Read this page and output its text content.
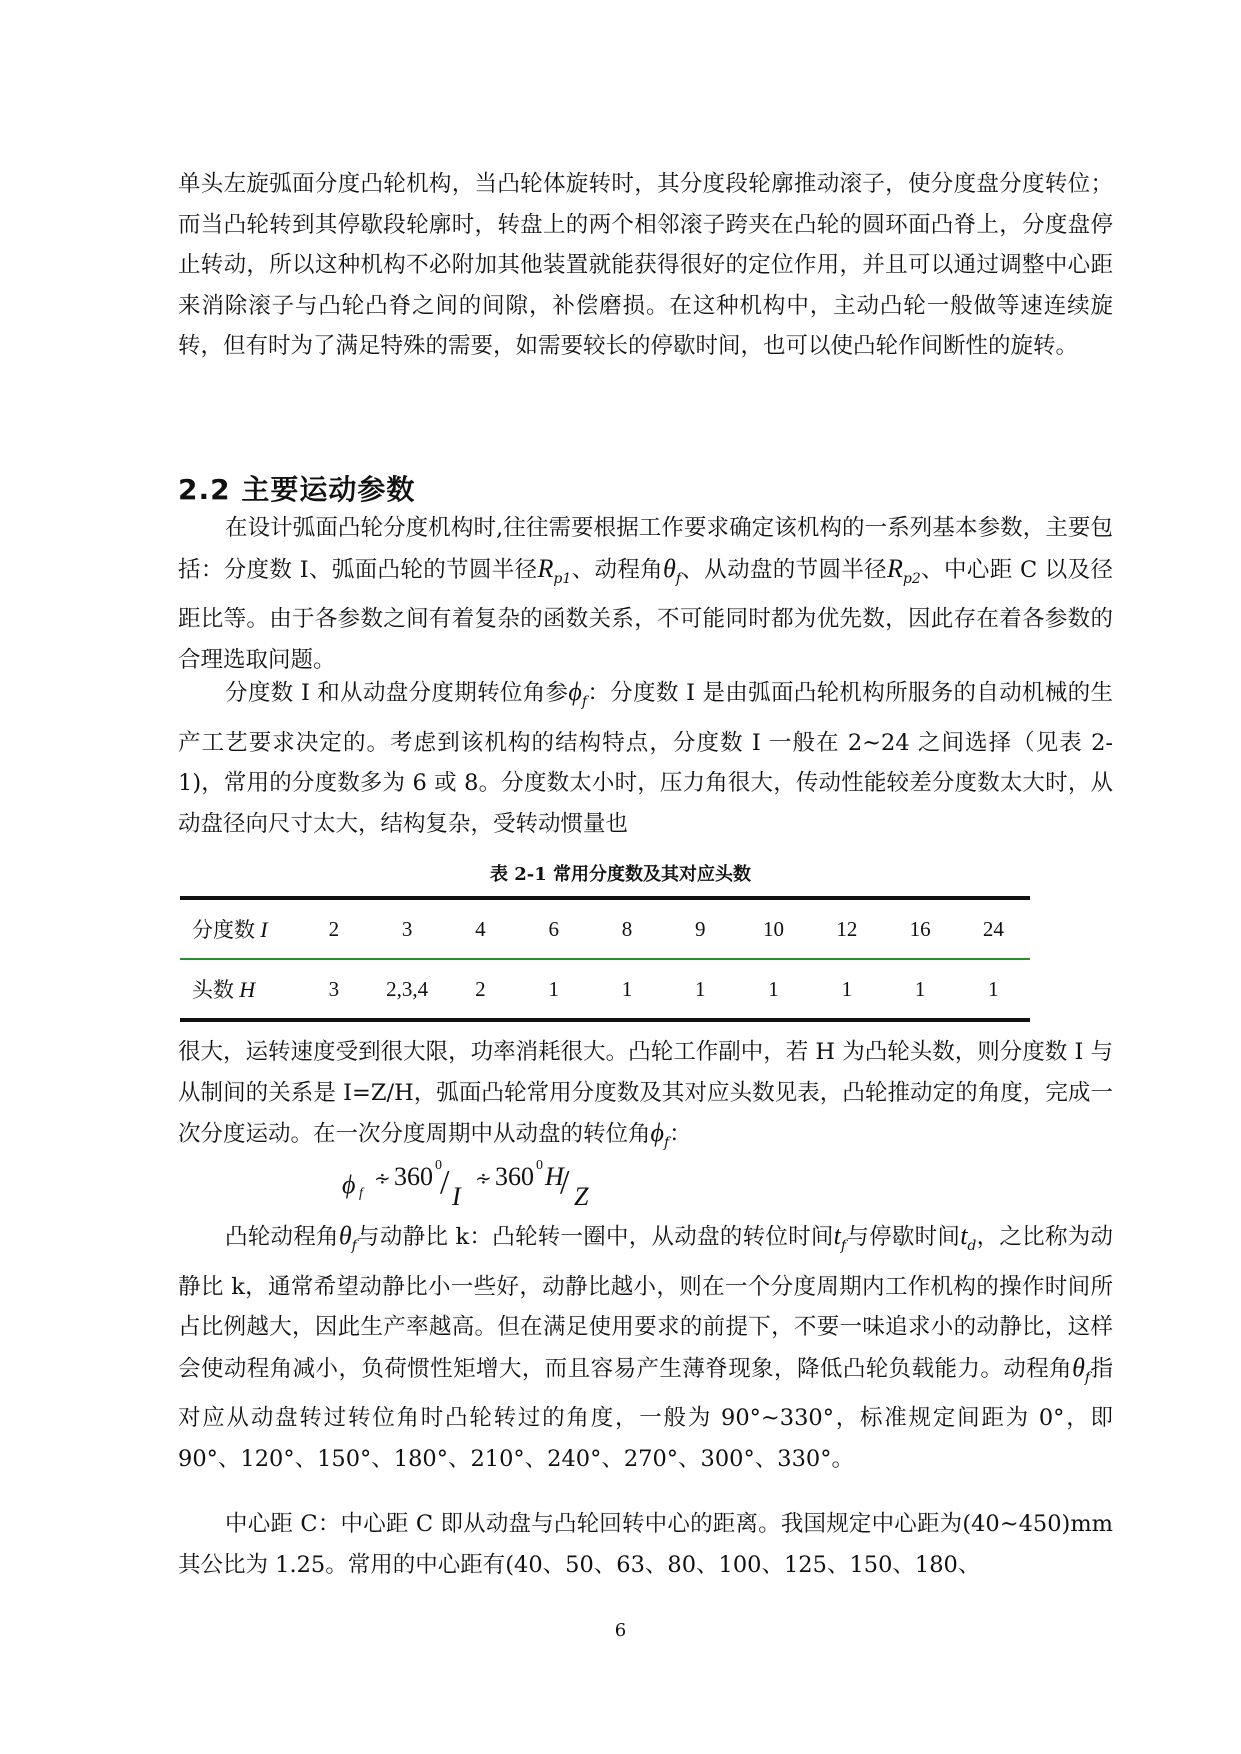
单头左旋弧面分度凸轮机构，当凸轮体旋转时，其分度段轮廓推动滚子，使分度盘分度转位；而当凸轮转到其停歇段轮廓时，转盘上的两个相邻滚子跨夹在凸轮的圆环面凸脊上，分度盘停止转动，所以这种机构不必附加其他装置就能获得很好的定位作用，并且可以通过调整中心距来消除滚子与凸轮凸脊之间的间隙，补偿磨损。在这种机构中，主动凸轮一般做等速连续旋转，但有时为了满足特殊的需要，如需要较长的停歇时间，也可以使凸轮作间断性的旋转。

2.2 主要运动参数

在设计弧面凸轮分度机构时,往往需要根据工作要求确定该机构的一系列基本参数，主要包括：分度数 I、弧面凸轮的节圆半径$R_{p1}$、动程角$\theta_f$、从动盘的节圆半径$R_{p2}$、中心距 C 以及径距比等。由于各参数之间有着复杂的函数关系，不可能同时都为优先数，因此存在着各参数的合理选取问题。

分度数 I 和从动盘分度期转位角参$\phi_f$：分度数 I 是由弧面凸轮机构所服务的自动机械的生产工艺要求决定的。考虑到该机构的结构特点，分度数 I 一般在 2~24 之间选择（见表 2-1)，常用的分度数多为 6 或 8。分度数太小时，压力角很大，传动性能较差分度数太大时，从动盘径向尺寸太大，结构复杂，受转动惯量也

表 2-1 常用分度数及其对应头数

分度数 I	2	3	4	6	8	9	10	12	16	24
头数 H	3	2,3,4	2	1	1	1	1	1	1	1

很大，运转速度受到很大限，功率消耗很大。凸轮工作副中，若 H 为凸轮头数，则分度数 I 与从制间的关系是 I=Z/H，弧面凸轮常用分度数及其对应头数见表，凸轮推动定的角度，完成一次分度运动。在一次分度周期中从动盘的转位角$\phi_f$：

ϕ f
∻ 360 0
/ I
∻ 360 0 H
/ Z

凸轮动程角$\theta_f$与动静比 k：凸轮转一圈中，从动盘的转位时间$t_f$与停歇时间$t_d$，之比称为动静比 k，通常希望动静比小一些好，动静比越小，则在一个分度周期内工作机构的操作时间所占比例越大，因此生产率越高。但在满足使用要求的前提下，不要一味追求小的动静比，这样会使动程角减小，负荷惯性矩增大，而且容易产生薄脊现象，降低凸轮负载能力。动程角$\theta_f$指对应从动盘转过转位角时凸轮转过的角度，一般为 90°~330°，标准规定间距为 0°，即 90°、120°、150°、180°、210°、240°、270°、300°、330°。

中心距 C：中心距 C 即从动盘与凸轮回转中心的距离。我国规定中心距为(40~450)mm 其公比为 1.25。常用的中心距有(40、50、63、80、100、125、150、180、

6
